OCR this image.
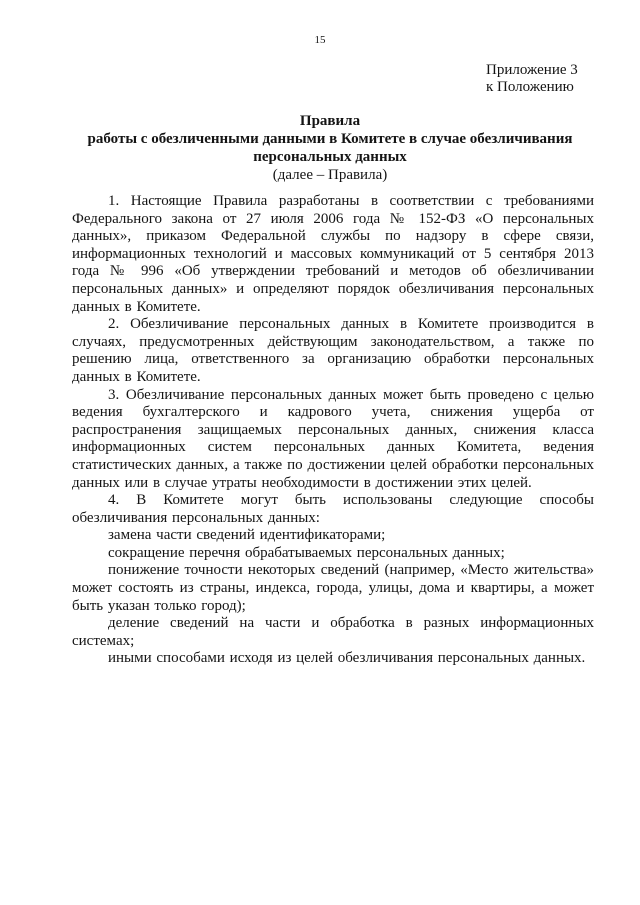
15
Приложение 3
к Положению
Правила
работы с обезличенными данными в Комитете в случае обезличивания
персональных данных
(далее – Правила)

1. Настоящие Правила разработаны в соответствии с требованиями Федерального закона от 27 июля 2006 года № 152-ФЗ «О персональных данных», приказом Федеральной службы по надзору в сфере связи, информационных технологий и массовых коммуникаций от 5 сентября 2013 года № 996 «Об утверждении требований и методов об обезличивании персональных данных» и определяют порядок обезличивания персональных данных в Комитете.

2. Обезличивание персональных данных в Комитете производится в случаях, предусмотренных действующим законодательством, а также по решению лица, ответственного за организацию обработки персональных данных в Комитете.

3. Обезличивание персональных данных может быть проведено с целью ведения бухгалтерского и кадрового учета, снижения ущерба от распространения защищаемых персональных данных, снижения класса информационных систем персональных данных Комитета, ведения статистических данных, а также по достижении целей обработки персональных данных или в случае утраты необходимости в достижении этих целей.

4. В Комитете могут быть использованы следующие способы обезличивания персональных данных:

замена части сведений идентификаторами;

сокращение перечня обрабатываемых персональных данных;

понижение точности некоторых сведений (например, «Место жительства» может состоять из страны, индекса, города, улицы, дома и квартиры, а может быть указан только город);

деление сведений на части и обработка в разных информационных системах;

иными способами исходя из целей обезличивания персональных данных.
